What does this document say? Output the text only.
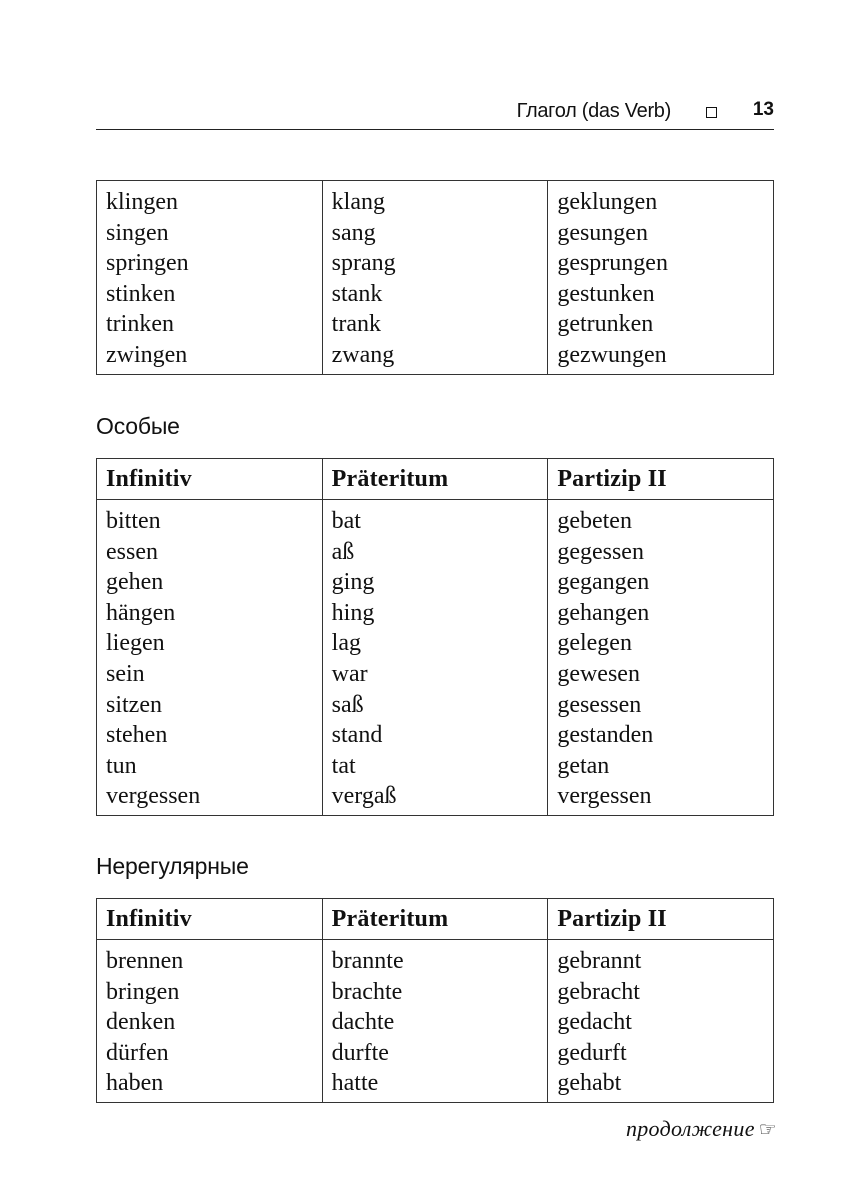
Глагол (das Verb)	13
klingen	klang	geklungen
singen	sang	gesungen
springen	sprang	gesprungen
stinken	stank	gestunken
trinken	trank	getrunken
zwingen	zwang	gezwungen
Особые
Infinitiv	Präteritum	Partizip II
bitten	bat	gebeten
essen	aß	gegessen
gehen	ging	gegangen
hängen	hing	gehangen
liegen	lag	gelegen
sein	war	gewesen
sitzen	saß	gesessen
stehen	stand	gestanden
tun	tat	getan
vergessen	vergaß	vergessen
Нерегулярные
Infinitiv	Präteritum	Partizip II
brennen	brannte	gebrannt
bringen	brachte	gebracht
denken	dachte	gedacht
dürfen	durfte	gedurft
haben	hatte	gehabt
продолжение ☞
